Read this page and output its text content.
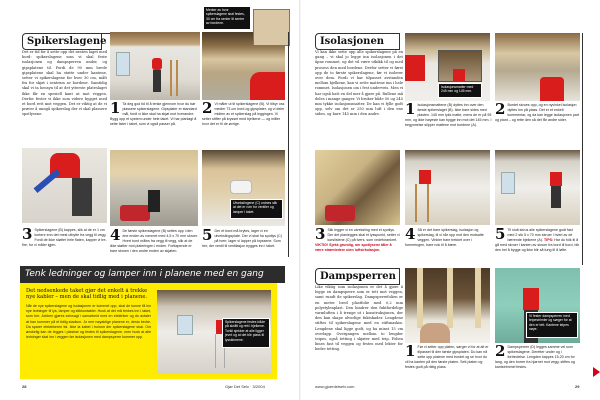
Spikerslagene
Det er tid for å sette opp det nesten laget med bord: spikerslagene som vi skal feste isolasjonen og dampsperren under, og gipsplatene til. Fordi de 90 mm brede gipsplatene skal ha støtte under kantene, setter vi spikerslagene for hver 30 cm, målt fra for skjøt i sentrum av bordene. Samtidig skal vi ta hensyn til at det ytterste plateslaget ikke får en spesiell kant ut mot veggen. Derfor fester vi ikke som videre bygget med et bord rett mot veggen. Det er viktig at de vi prøver å unngå spikerslag der vi skal plassere spotlysene.
Merker av hvor spikerslagene skal festes, 30 cm fra senter til senter av bordene.
1 Ta deg god tid til å tenke gjennom hvor du bør plassere spikerslagene. Gipsplater er standard mål, fordi vi ikke skal ha skjøt mot hverandre. Bygg opp et system under hele taket. Vi har planlagt å sette lister i taket, som vi også passer på.
2 Vi måler ut til spikerslagene (B). Vi tilbyr oss medier 73 cm bord og gipsplater, og vi deler midten av et spikerslag på leggingen. Vi setter stifter på krysset med bjelkene — og måler hvor det er til de øvrige.
Utvekslingene (C) ordnes slik at det er rom for ventiler og lamper i taket.
3 Spikerslagene (B) kappes, slik at de er 1 cm kortere enn det mest utbytte fra vegg til vegg. Fordi de ikke støtter hele flaten, kapper vi tre-fire, for vi måler igjen.
4 De første spikerslagene (B) settes opp i den ene enden av rommet med 4,5 x 70 mm skruer. Hvert bord måles fra vegg til vegg, slik at de ikke støtter mot plateringen i enden. Fortløpende er bare skruen i den andre enden av skjøten.
5 Der et bord må brytes, lager vi en utvekslingsplate. Der vi skal ha spotlys (C) på tverr, lager vi lapper på kryssene. Som her, der ventil til ventilasjon bygges inn i taket.
Tenk ledninger og lamper inn i planene med en gang
Det nedsenkede taket gjør det enkelt å trekke nye kabler – men de skal tidlig med i planene.
Når de nye spikerslagene og isolasjonen er kommet opp, skal de kunne få inn nye ledninger til lys, lamper og stikkontakter. Husk at det må tenkes inn i taket, som her. Jobben gjøres selvsagt i samarbeid med en elektriker og du avtaler at han kommer på et tidlig stadium. Jo mer nøyaktige planene er, desto bedre. Da sparer elektrikeren tid. Ikke la kabel i hulrom der spikerslagene skal. Om ønskelig kan de legges i plastrør og festes til spikerslagene, men husk at alle ledninger skal inn i veggen før isolasjonen med dampsperre kommer opp.
Spikerslagene festes både på skrått og rett i bjelkene. Torkil sjekker at alle ligger jevnt og at det blir plass til lysskinnene.
28	Gjør Det Selv · 3/2004
Isolasjonen
Vi kan ikke sette opp alle spikerslagene på en gang – vi skal jo legge inn isolasjonen i det åpne rommet, og det vil være utkikk til og med prosess den med bordene. Derfor setter vi først opp de to første spikerslagene, før vi isolerer over dem. Fordi vi har tilpasset avstanden mellom bjelkene, kan vi sette mattene inn i hele rommet. Isolasjonen om i fest underveis. Men vi har også hatt en del mer å gjøre på. Rullene må deles i mange ganger. Vi bruker både 50 og 245 mm tykke isolasjonsmatter. De kan vi fylle godt opp, selv om det er 250 mm luft i den ene siden, og bare 145 mm i den andre.
Isolasjonsmatter med 245 mm og 145 mm.
1 Isolasjonsmattene (B) dyttes inn over den første spikerslaget (B). Ikke bare sides med plasten. 145 mm tykk matte, mens de er på 95 mm, og ikke høyeste kan bygge inn mot det 145 mm. I begynnelse slipper mattene mot bordene (A).
2 Bordet skrues opp, og en nyvinkel isolasjon dyttes inn på plass. Det er et enkelt kommentar, og da kan legge isolasjonen part og plant – og rette den så det får andre sider.
3 Slik legger vi en utveksling med et spotlys. Der det planlegges skal et lysspunkt, setter vi korslistene (C) på tvers, som vedeforankret. VIKTIG! Sjekk grundig, om spotlysene tåler å være strømledere uten luftsirkulasjon.
4 Så er det bare spikerslag, isolasjon og spikerslag, til vi når opp mot den motsatte veggen. Vinkler bare trekket over i formeringen, bare nok til å bære.
5 Til slutt skrus alle spikerslagene godt fast med 2 stk 5 x 70 mm skruer i hvert av de bærende bjelkene (A). TIPS: Har du folk til å gå med skruer i kanten av skruer fra bord til bord, blir den hel å bygge og ikke blir så tung til å løfte.
Dampsperren
Like viktig som isolasjonen er det å gjøre å legge en dampsperre som er tett mot veggen, samt rundt de spikerslag. Dampsperrefolien er en meter bred plastfolie med 0,2 mm polyetylenplast. Den hindrer den fuktfordelige varmluften i å trenge ut i konstruksjonen, der den kan skape alvorlige fuktskader. Lengdene stiftes til spikerslagene med en stiftmaskin. Lengdene skal ligge godt, og ha minst 15 cm overlapp. Overgangen mellom to lengder teipes, også tetting i skjøter med teip. Folien limes fast til veggen og festes med lekter for bedre tetting.
Vi fester dampsperren med teipestrimler og sørger for at den er tett. Kantene teipes nøye.
1 Før vi setter opp platen, sørger vi for at alt er tilpasset til den første gipsplaten. Du kan nå sette opp platene med bordet og se hvor du vil ha kanten på den første platen. Sett platen og festes godt på riktig plass.
2 Dampsperren (D) legges samme vei som spikerslagene. Deretter under og i forbindelse. Lengden kappes 15-20 cm for lang, og den borrer fra hjørnet mot vegg; stiftes og kantstrimmel festes.
www.gjoerdetselv.com	29
